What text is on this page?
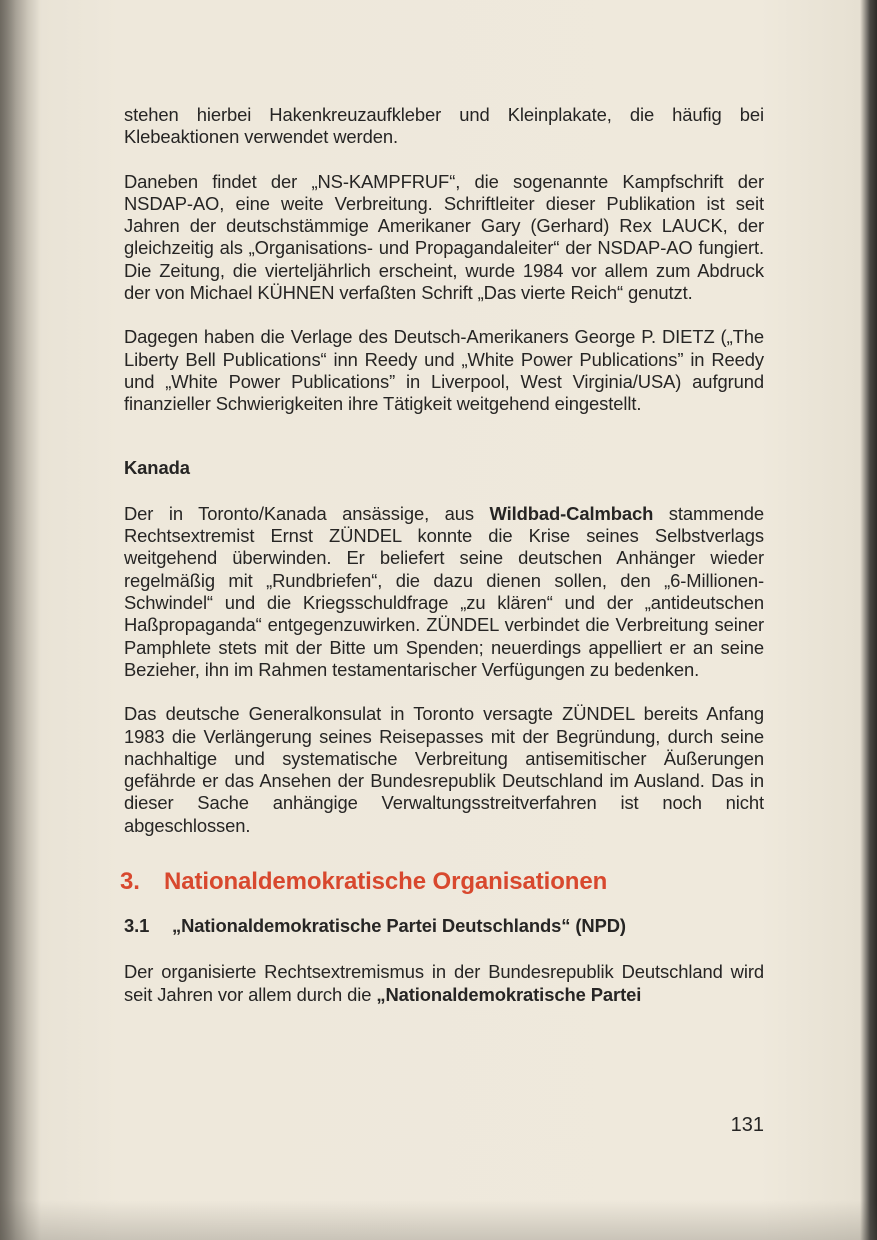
stehen hierbei Hakenkreuzaufkleber und Kleinplakate, die häufig bei Klebeaktionen verwendet werden.

Daneben findet der „NS-KAMPFRUF“, die sogenannte Kampfschrift der NSDAP-AO, eine weite Verbreitung. Schriftleiter dieser Publikation ist seit Jahren der deutschstämmige Amerikaner Gary (Gerhard) Rex LAUCK, der gleichzeitig als „Organisations- und Propagandaleiter“ der NSDAP-AO fungiert. Die Zeitung, die vierteljährlich erscheint, wurde 1984 vor allem zum Abdruck der von Michael KÜHNEN verfaßten Schrift „Das vierte Reich“ genutzt.

Dagegen haben die Verlage des Deutsch-Amerikaners George P. DIETZ („The Liberty Bell Publications“ inn Reedy und „White Power Publications” in Reedy und „White Power Publications” in Liverpool, West Virginia/USA) aufgrund finanzieller Schwierigkeiten ihre Tätigkeit weitgehend eingestellt.

Kanada

Der in Toronto/Kanada ansässige, aus Wildbad-Calmbach stammende Rechtsextremist Ernst ZÜNDEL konnte die Krise seines Selbstverlags weitgehend überwinden. Er beliefert seine deutschen Anhänger wieder regelmäßig mit „Rundbriefen“, die dazu dienen sollen, den „6-Millionen-Schwindel“ und die Kriegsschuldfrage „zu klären“ und der „antideutschen Haßpropaganda“ entgegenzuwirken. ZÜNDEL verbindet die Verbreitung seiner Pamphlete stets mit der Bitte um Spenden; neuerdings appelliert er an seine Bezieher, ihn im Rahmen testamentarischer Verfügungen zu bedenken.

Das deutsche Generalkonsulat in Toronto versagte ZÜNDEL bereits Anfang 1983 die Verlängerung seines Reisepasses mit der Begründung, durch seine nachhaltige und systematische Verbreitung antisemitischer Äußerungen gefährde er das Ansehen der Bundesrepublik Deutschland im Ausland. Das in dieser Sache anhängige Verwaltungsstreitverfahren ist noch nicht abgeschlossen.

3. Nationaldemokratische Organisationen
3.1 „Nationaldemokratische Partei Deutschlands“ (NPD)

Der organisierte Rechtsextremismus in der Bundesrepublik Deutschland wird seit Jahren vor allem durch die „Nationaldemokratische Partei

131
